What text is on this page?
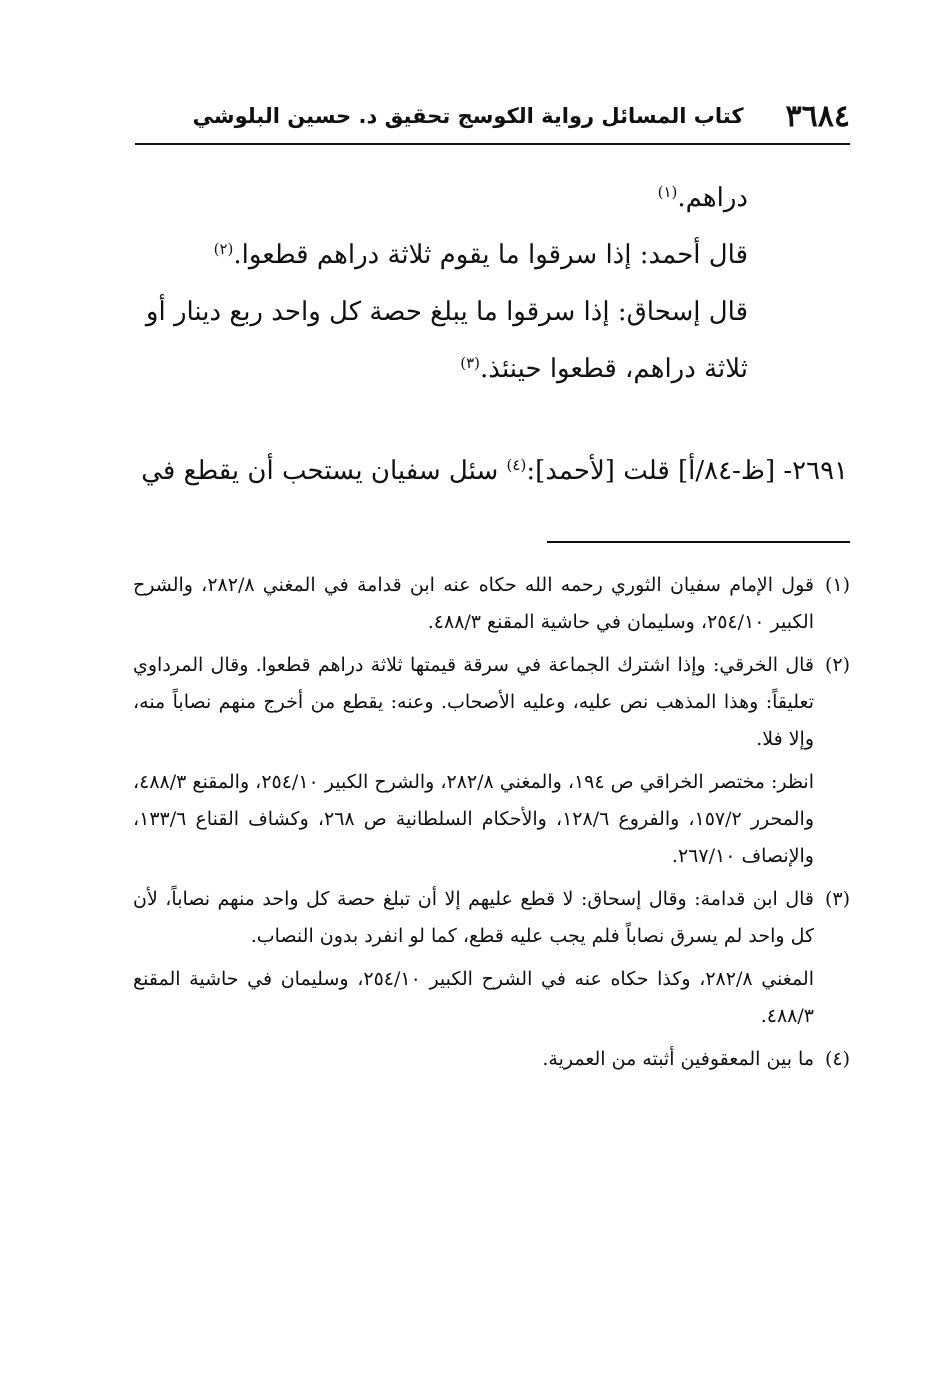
٣٦٨٤
كتاب المسائل رواية الكوسج تحقيق د. حسين البلوشي

دراهم.$^{(١)}$

قال أحمد: إذا سرقوا ما يقوم ثلاثة دراهم قطعوا.$^{(٢)}$

قال إسحاق: إذا سرقوا ما يبلغ حصة كل واحد ربع دينار أو ثلاثة دراهم، قطعوا حينئذ.$^{(٣)}$

٢٦٩١- [ظ-٨٤/أ] قلت [لأحمد]:$^{(٤)}$ سئل سفيان يستحب أن يقطع في
(١)

قول الإمام سفيان الثوري رحمه الله حكاه عنه ابن قدامة في المغني ٢٨٢/٨، والشرح الكبير ٢٥٤/١٠، وسليمان في حاشية المقنع ٤٨٨/٣.

(٢)

قال الخرقي: وإذا اشترك الجماعة في سرقة قيمتها ثلاثة دراهم قطعوا. وقال المرداوي تعليقاً: وهذا المذهب نص عليه، وعليه الأصحاب. وعنه: يقطع من أخرج منهم نصاباً منه، وإلا فلا.

انظر: مختصر الخراقي ص ١٩٤، والمغني ٢٨٢/٨، والشرح الكبير ٢٥٤/١٠، والمقنع ٤٨٨/٣، والمحرر ١٥٧/٢، والفروع ١٢٨/٦، والأحكام السلطانية ص ٢٦٨، وكشاف القناع ١٣٣/٦، والإنصاف ٢٦٧/١٠.

(٣)

قال ابن قدامة: وقال إسحاق: لا قطع عليهم إلا أن تبلغ حصة كل واحد منهم نصاباً، لأن كل واحد لم يسرق نصاباً فلم يجب عليه قطع، كما لو انفرد بدون النصاب.

المغني ٢٨٢/٨، وكذا حكاه عنه في الشرح الكبير ٢٥٤/١٠، وسليمان في حاشية المقنع ٤٨٨/٣.

(٤)

ما بين المعقوفين أثبته من العمرية.
